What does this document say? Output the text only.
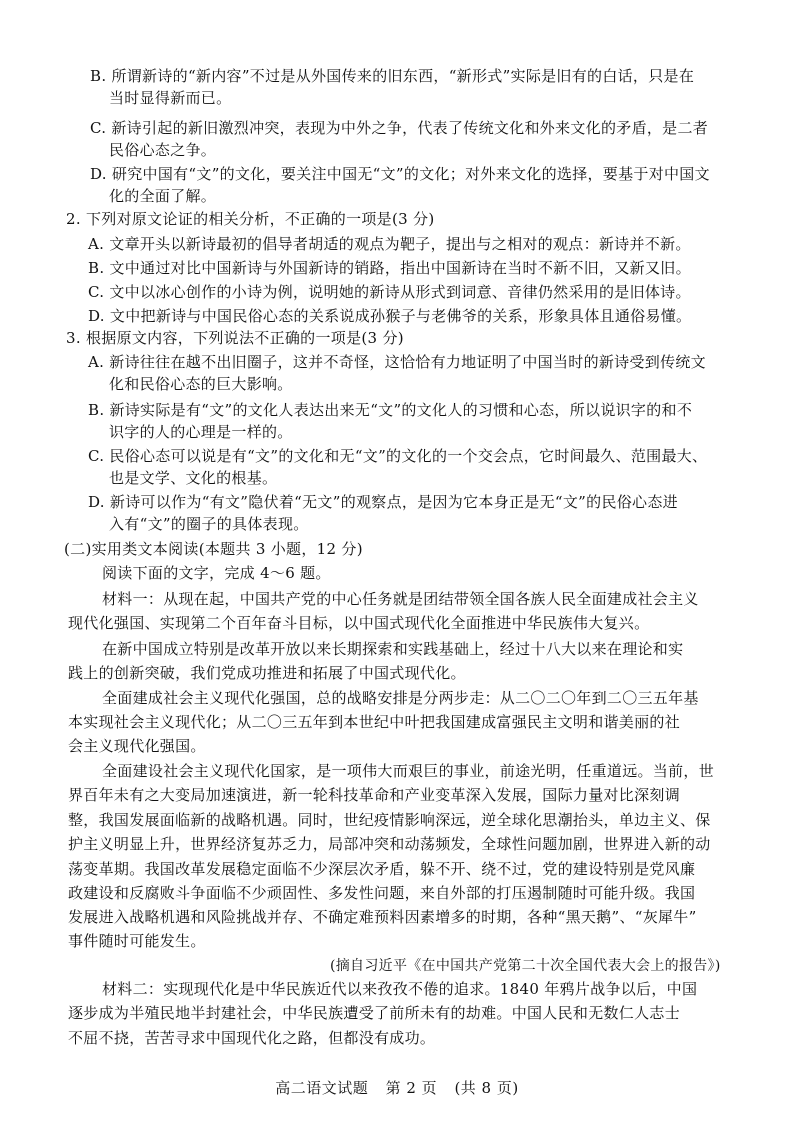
B. 所谓新诗的“新内容”不过是从外国传来的旧东西，“新形式”实际是旧有的白话，只是在
当时显得新而已。
C. 新诗引起的新旧激烈冲突，表现为中外之争，代表了传统文化和外来文化的矛盾，是二者
民俗心态之争。
D. 研究中国有“文”的文化，要关注中国无“文”的文化；对外来文化的选择，要基于对中国文
化的全面了解。
2. 下列对原文论证的相关分析，不正确的一项是(3 分)
A. 文章开头以新诗最初的倡导者胡适的观点为靶子，提出与之相对的观点：新诗并不新。
B. 文中通过对比中国新诗与外国新诗的销路，指出中国新诗在当时不新不旧，又新又旧。
C. 文中以冰心创作的小诗为例，说明她的新诗从形式到词意、音律仍然采用的是旧体诗。
D. 文中把新诗与中国民俗心态的关系说成孙猴子与老佛爷的关系，形象具体且通俗易懂。
3. 根据原文内容，下列说法不正确的一项是(3 分)
A. 新诗往往在越不出旧圈子，这并不奇怪，这恰恰有力地证明了中国当时的新诗受到传统文
化和民俗心态的巨大影响。
B. 新诗实际是有“文”的文化人表达出来无“文”的文化人的习惯和心态，所以说识字的和不
识字的人的心理是一样的。
C. 民俗心态可以说是有“文”的文化和无“文”的文化的一个交会点，它时间最久、范围最大、
也是文学、文化的根基。
D. 新诗可以作为“有文”隐伏着“无文”的观察点，是因为它本身正是无“文”的民俗心态进
入有“文”的圈子的具体表现。
(二)实用类文本阅读(本题共 3 小题，12 分)
阅读下面的文字，完成 4～6 题。
材料一：从现在起，中国共产党的中心任务就是团结带领全国各族人民全面建成社会主义
现代化强国、实现第二个百年奋斗目标，以中国式现代化全面推进中华民族伟大复兴。
在新中国成立特别是改革开放以来长期探索和实践基础上，经过十八大以来在理论和实
践上的创新突破，我们党成功推进和拓展了中国式现代化。
全面建成社会主义现代化强国，总的战略安排是分两步走：从二〇二〇年到二〇三五年基
本实现社会主义现代化；从二〇三五年到本世纪中叶把我国建成富强民主文明和谐美丽的社
会主义现代化强国。
全面建设社会主义现代化国家，是一项伟大而艰巨的事业，前途光明，任重道远。当前，世
界百年未有之大变局加速演进，新一轮科技革命和产业变革深入发展，国际力量对比深刻调
整，我国发展面临新的战略机遇。同时，世纪疫情影响深远，逆全球化思潮抬头，单边主义、保
护主义明显上升，世界经济复苏乏力，局部冲突和动荡频发，全球性问题加剧，世界进入新的动
荡变革期。我国改革发展稳定面临不少深层次矛盾，躲不开、绕不过，党的建设特别是党风廉
政建设和反腐败斗争面临不少顽固性、多发性问题，来自外部的打压遏制随时可能升级。我国
发展进入战略机遇和风险挑战并存、不确定难预料因素增多的时期，各种“黑天鹅”、“灰犀牛”
事件随时可能发生。
(摘自习近平《在中国共产党第二十次全国代表大会上的报告》)
材料二：实现现代化是中华民族近代以来孜孜不倦的追求。1840 年鸦片战争以后，中国
逐步成为半殖民地半封建社会，中华民族遭受了前所未有的劫难。中国人民和无数仁人志士
不屈不挠，苦苦寻求中国现代化之路，但都没有成功。
高二语文试题 第 2 页 (共 8 页)
